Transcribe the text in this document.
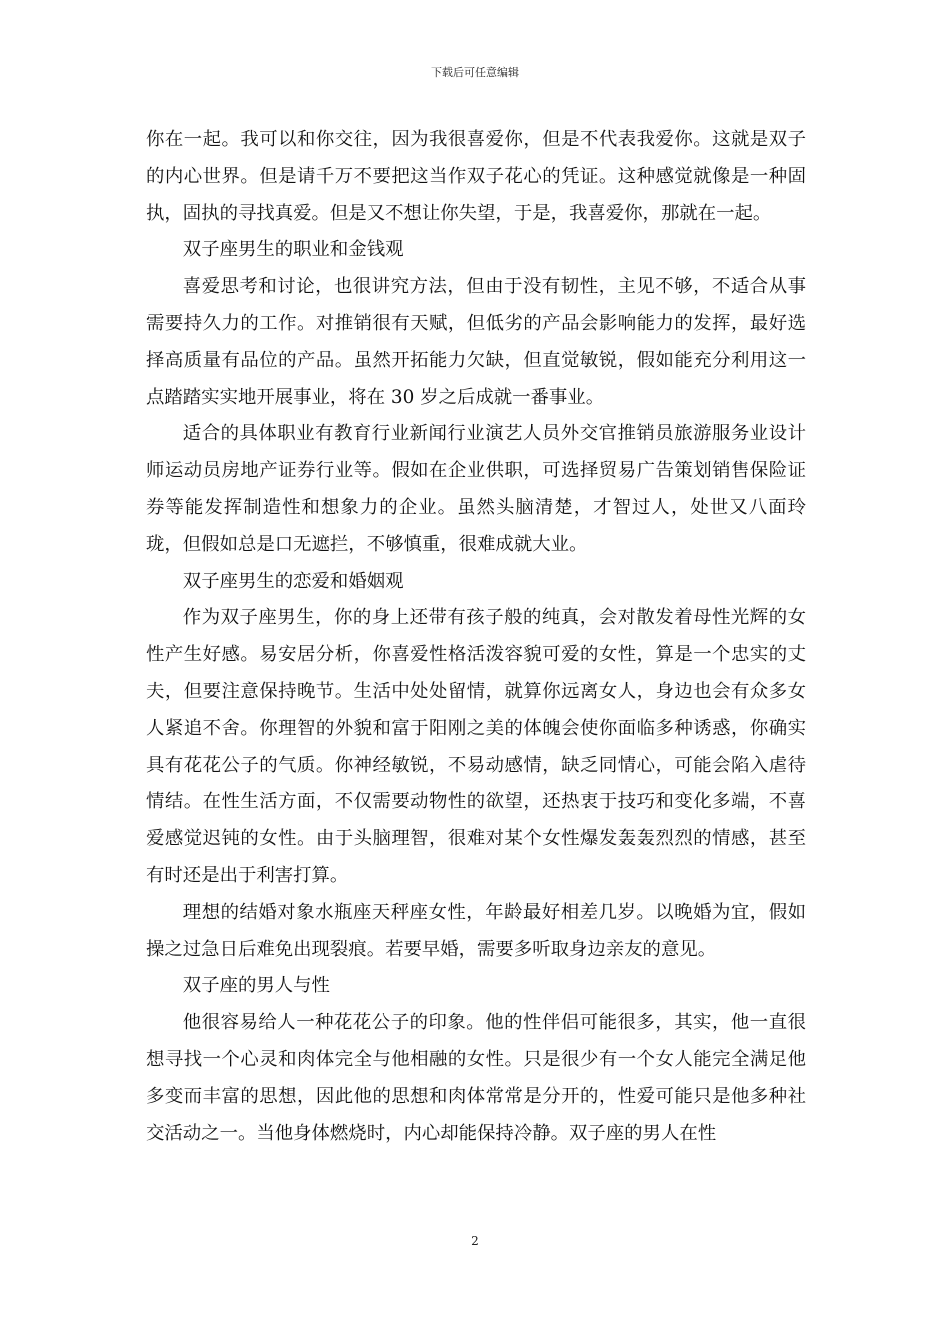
下载后可任意编辑

你在一起。我可以和你交往，因为我很喜爱你，但是不代表我爱你。这就是双子的内心世界。但是请千万不要把这当作双子花心的凭证。这种感觉就像是一种固执，固执的寻找真爱。但是又不想让你失望，于是，我喜爱你，那就在一起。

双子座男生的职业和金钱观

喜爱思考和讨论，也很讲究方法，但由于没有韧性，主见不够，不适合从事需要持久力的工作。对推销很有天赋，但低劣的产品会影响能力的发挥，最好选择高质量有品位的产品。虽然开拓能力欠缺，但直觉敏锐，假如能充分利用这一点踏踏实实地开展事业，将在 30 岁之后成就一番事业。

适合的具体职业有教育行业新闻行业演艺人员外交官推销员旅游服务业设计师运动员房地产证券行业等。假如在企业供职，可选择贸易广告策划销售保险证券等能发挥制造性和想象力的企业。虽然头脑清楚，才智过人，处世又八面玲珑，但假如总是口无遮拦，不够慎重，很难成就大业。

双子座男生的恋爱和婚姻观

作为双子座男生，你的身上还带有孩子般的纯真，会对散发着母性光辉的女性产生好感。易安居分析，你喜爱性格活泼容貌可爱的女性，算是一个忠实的丈夫，但要注意保持晚节。生活中处处留情，就算你远离女人，身边也会有众多女人紧追不舍。你理智的外貌和富于阳刚之美的体魄会使你面临多种诱惑，你确实具有花花公子的气质。你神经敏锐，不易动感情，缺乏同情心，可能会陷入虐待情结。在性生活方面，不仅需要动物性的欲望，还热衷于技巧和变化多端，不喜爱感觉迟钝的女性。由于头脑理智，很难对某个女性爆发轰轰烈烈的情感，甚至有时还是出于利害打算。

理想的结婚对象水瓶座天秤座女性，年龄最好相差几岁。以晚婚为宜，假如操之过急日后难免出现裂痕。若要早婚，需要多听取身边亲友的意见。

双子座的男人与性

他很容易给人一种花花公子的印象。他的性伴侣可能很多，其实，他一直很想寻找一个心灵和肉体完全与他相融的女性。只是很少有一个女人能完全满足他多变而丰富的思想，因此他的思想和肉体常常是分开的，性爱可能只是他多种社交活动之一。当他身体燃烧时，内心却能保持冷静。双子座的男人在性

2
